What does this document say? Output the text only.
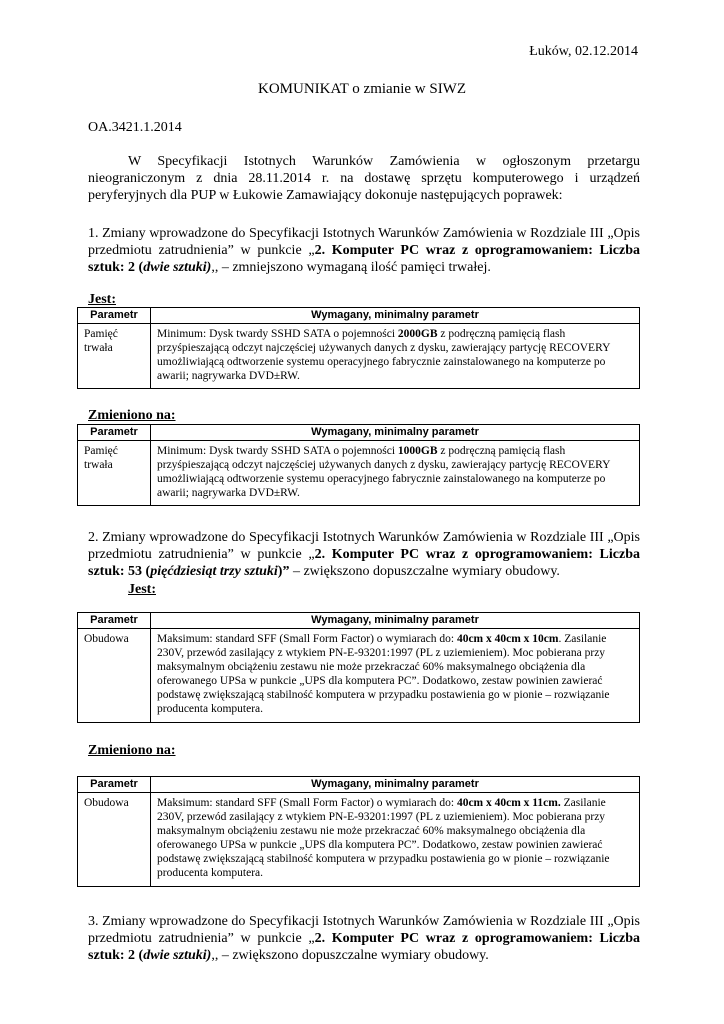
Łuków, 02.12.2014
KOMUNIKAT o zmianie w SIWZ
OA.3421.1.2014
W Specyfikacji Istotnych Warunków Zamówienia w ogłoszonym przetargu nieograniczonym z dnia 28.11.2014 r. na dostawę sprzętu komputerowego i urządzeń peryferyjnych dla PUP w Łukowie Zamawiający dokonuje następujących poprawek:
1. Zmiany wprowadzone do Specyfikacji Istotnych Warunków Zamówienia w Rozdziale III „Opis przedmiotu zatrudnienia” w punkcie „2. Komputer PC wraz z oprogramowaniem: Liczba sztuk: 2 (dwie sztuki),, – zmniejszono wymaganą ilość pamięci trwałej.
Jest:
Parametr	Wymagany, minimalny parametr
Pamięć trwała	Minimum: Dysk twardy SSHD SATA o pojemności 2000GB z podręczną pamięcią flash przyśpieszającą odczyt najczęściej używanych danych z dysku, zawierający partycję RECOVERY umożliwiającą odtworzenie systemu operacyjnego fabrycznie zainstalowanego na komputerze po awarii; nagrywarka DVD±RW.
Zmieniono na:
Parametr	Wymagany, minimalny parametr
Pamięć trwała	Minimum: Dysk twardy SSHD SATA o pojemności 1000GB z podręczną pamięcią flash przyśpieszającą odczyt najczęściej używanych danych z dysku, zawierający partycję RECOVERY umożliwiającą odtworzenie systemu operacyjnego fabrycznie zainstalowanego na komputerze po awarii; nagrywarka DVD±RW.
2. Zmiany wprowadzone do Specyfikacji Istotnych Warunków Zamówienia w Rozdziale III „Opis przedmiotu zatrudnienia” w punkcie „2. Komputer PC wraz z oprogramowaniem: Liczba sztuk: 53 (pięćdziesiąt trzy sztuki)” – zwiększono dopuszczalne wymiary obudowy.
Jest:
Parametr	Wymagany, minimalny parametr
Obudowa	Maksimum: standard SFF (Small Form Factor) o wymiarach do: 40cm x 40cm x 10cm. Zasilanie 230V, przewód zasilający z wtykiem PN-E-93201:1997 (PL z uziemieniem). Moc pobierana przy maksymalnym obciążeniu zestawu nie może przekraczać 60% maksymalnego obciążenia dla oferowanego UPSa w punkcie „UPS dla komputera PC”. Dodatkowo, zestaw powinien zawierać podstawę zwiększającą stabilność komputera w przypadku postawienia go w pionie – rozwiązanie producenta komputera.
Zmieniono na:
Parametr	Wymagany, minimalny parametr
Obudowa	Maksimum: standard SFF (Small Form Factor) o wymiarach do: 40cm x 40cm x 11cm. Zasilanie 230V, przewód zasilający z wtykiem PN-E-93201:1997 (PL z uziemieniem). Moc pobierana przy maksymalnym obciążeniu zestawu nie może przekraczać 60% maksymalnego obciążenia dla oferowanego UPSa w punkcie „UPS dla komputera PC”. Dodatkowo, zestaw powinien zawierać podstawę zwiększającą stabilność komputera w przypadku postawienia go w pionie – rozwiązanie producenta komputera.
3. Zmiany wprowadzone do Specyfikacji Istotnych Warunków Zamówienia w Rozdziale III „Opis przedmiotu zatrudnienia” w punkcie „2. Komputer PC wraz z oprogramowaniem: Liczba sztuk: 2 (dwie sztuki),, – zwiększono dopuszczalne wymiary obudowy.
